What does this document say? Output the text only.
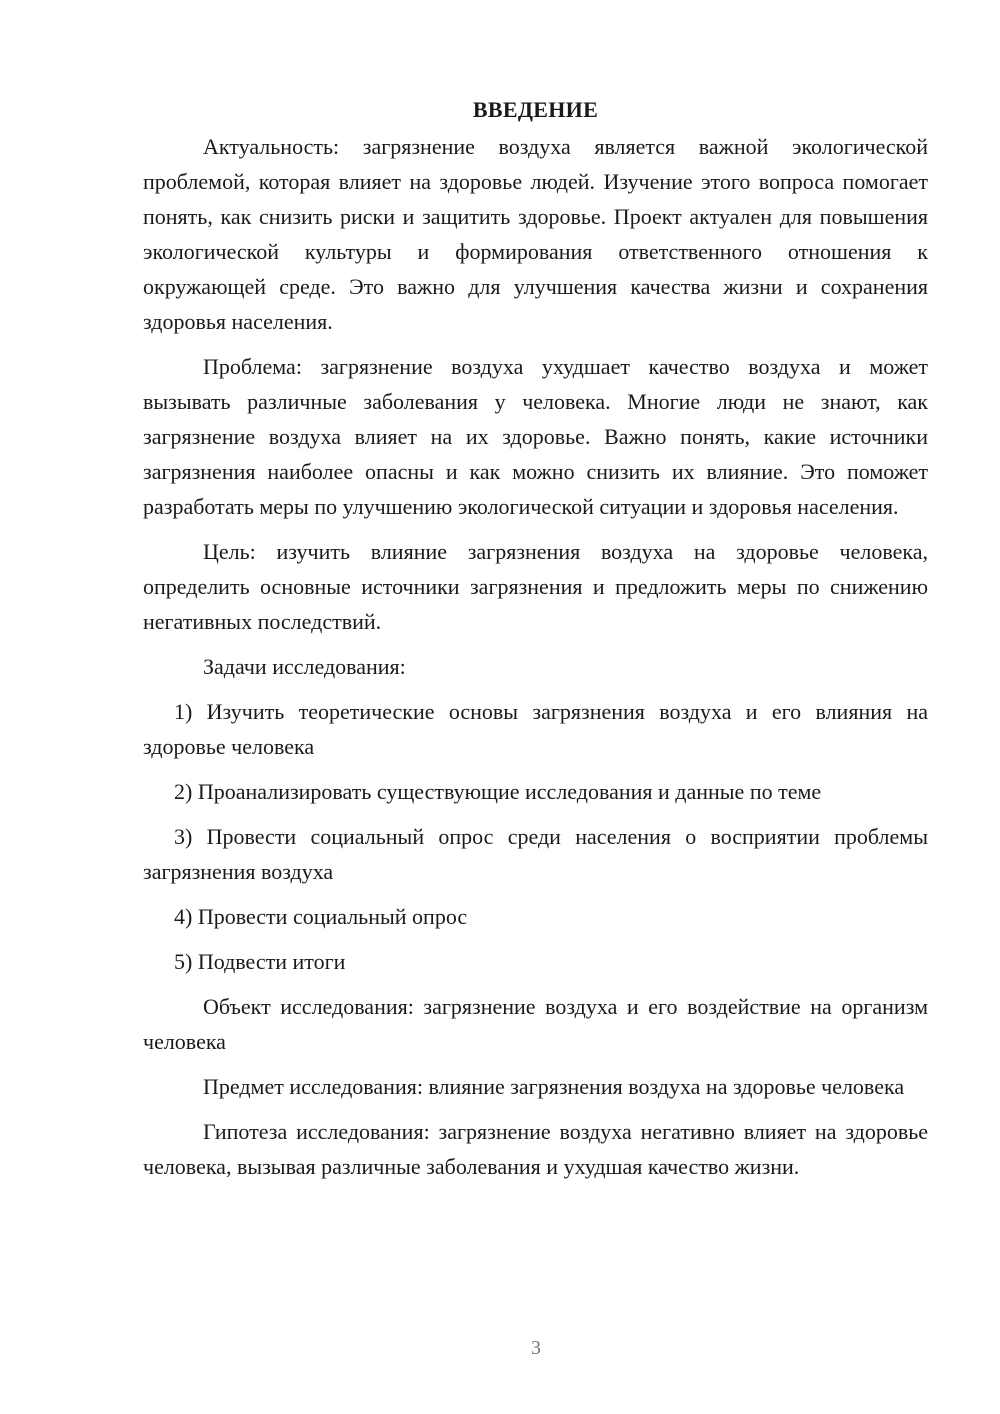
ВВЕДЕНИЕ

Актуальность: загрязнение воздуха является важной экологической проблемой, которая влияет на здоровье людей. Изучение этого вопроса помогает понять, как снизить риски и защитить здоровье. Проект актуален для повышения экологической культуры и формирования ответственного отношения к окружающей среде. Это важно для улучшения качества жизни и сохранения здоровья населения.

Проблема: загрязнение воздуха ухудшает качество воздуха и может вызывать различные заболевания у человека. Многие люди не знают, как загрязнение воздуха влияет на их здоровье. Важно понять, какие источники загрязнения наиболее опасны и как можно снизить их влияние. Это поможет разработать меры по улучшению экологической ситуации и здоровья населения.

Цель: изучить влияние загрязнения воздуха на здоровье человека, определить основные источники загрязнения и предложить меры по снижению негативных последствий.

Задачи исследования:

1) Изучить теоретические основы загрязнения воздуха и его влияния на здоровье человека

2) Проанализировать существующие исследования и данные по теме

3) Провести социальный опрос среди населения о восприятии проблемы загрязнения воздуха

4) Провести социальный опрос

5) Подвести итоги

Объект исследования: загрязнение воздуха и его воздействие на организм человека

Предмет исследования: влияние загрязнения воздуха на здоровье человека

Гипотеза исследования: загрязнение воздуха негативно влияет на здоровье человека, вызывая различные заболевания и ухудшая качество жизни.

3
